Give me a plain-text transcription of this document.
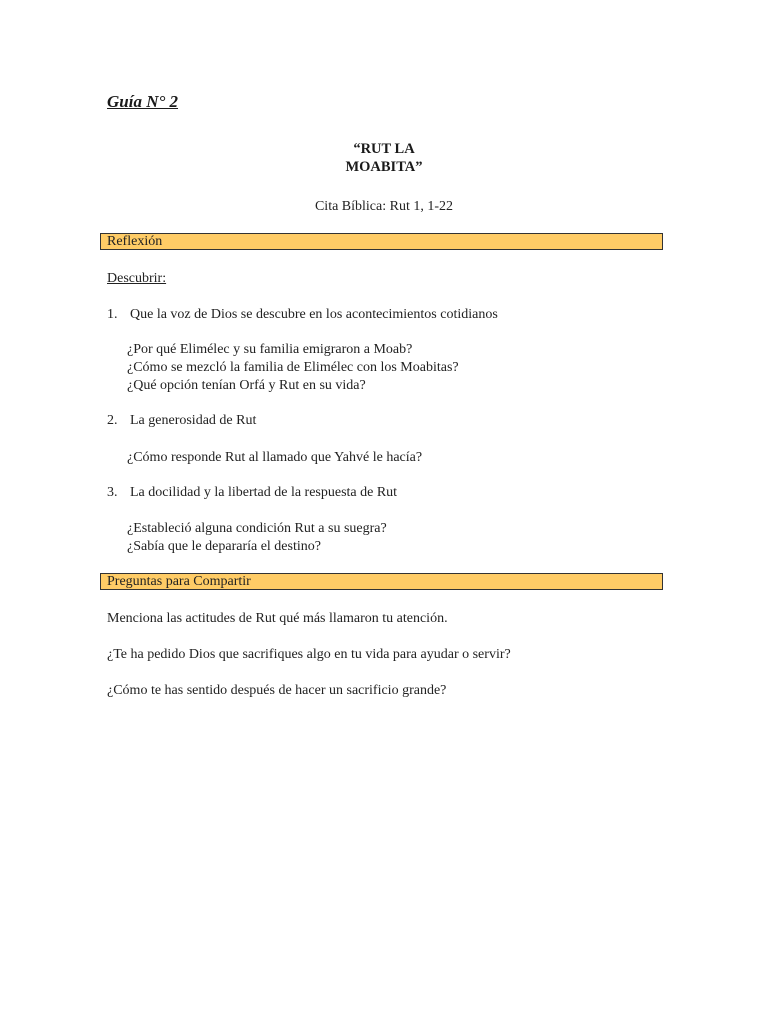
Guía N° 2
“RUT LA
MOABITA”
Cita Bíblica: Rut 1, 1-22
Reflexión
Descubrir:
1. Que la voz de Dios se descubre en los acontecimientos cotidianos
¿Por qué Elimélec y su familia emigraron a Moab?
¿Cómo se mezcló la familia de Elimélec con los Moabitas?
¿Qué opción tenían Orfá y Rut en su vida?
2. La generosidad de Rut
¿Cómo responde Rut al llamado que Yahvé le hacía?
3. La docilidad y la libertad de la respuesta de Rut
¿Estableció alguna condición Rut a su suegra?
¿Sabía que le depararía el destino?
Preguntas para Compartir
Menciona las actitudes de Rut qué más llamaron tu atención.
¿Te ha pedido Dios que sacrifiques algo en tu vida para ayudar o servir?
¿Cómo te has sentido después de hacer un sacrificio grande?
